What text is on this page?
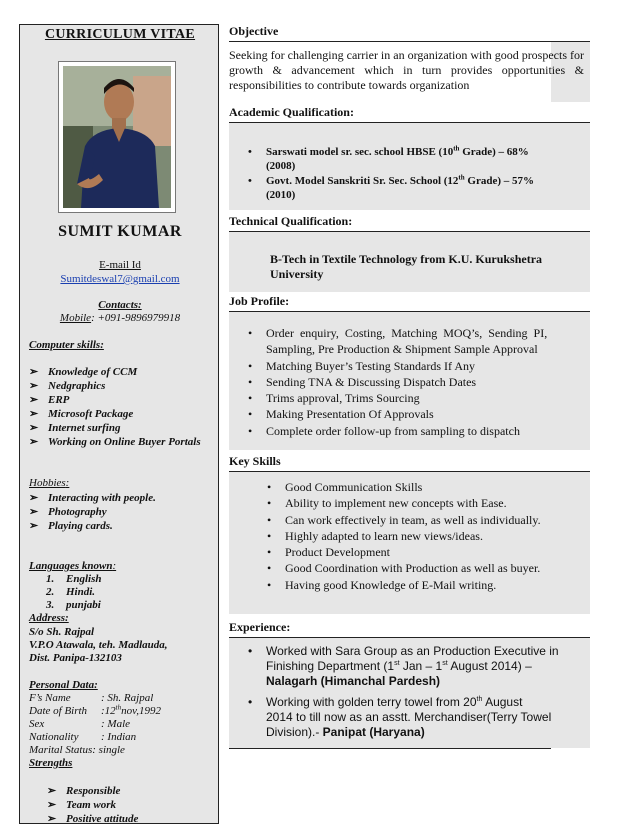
CURRICULUM VITAE
SUMIT KUMAR
E-mail Id
Sumitdeswal7@gmail.com
Contacts:
Mobile: +091-9896979918
Computer skills:
➢ Knowledge of CCM
➢ Nedgraphics
➢ ERP
➢ Microsoft Package
➢ Internet surfing
➢ Working on Online Buyer Portals
Hobbies:
➢ Interacting with people.
➢ Photography
➢ Playing cards.
Languages known:
1. English
2. Hindi.
3. punjabi
Address:
S/o Sh. Rajpal
V.P.O Atawala, teh. Madlauda,
Dist. Panipa-132103
Personal Data:
F’s Name	: Sh. Rajpal
Date of Birth :12thnov,1992
Sex	: Male
Nationality : Indian
Marital Status: single
Strengths
➢ Responsible
➢ Team work
➢ Positive attitude
Objective
Seeking for challenging carrier in an organization with good prospects for growth & advancement which in turn provides opportunities & responsibilities to contribute towards organization
Academic Qualification:
• Sarswati model sr. sec. school HBSE (10th Grade) – 68%
(2008)
• Govt. Model Sanskriti Sr. Sec. School (12th Grade) – 57%
(2010)
Technical Qualification:
B-Tech in Textile Technology from K.U. Kurukshetra
University
Job Profile:
• Order  enquiry,  Costing,  Matching  MOQ’s,  Sending  PI,
Sampling, Pre Production & Shipment Sample Approval
• Matching Buyer’s Testing Standards If Any
• Sending TNA & Discussing Dispatch Dates
• Trims approval, Trims Sourcing
• Making Presentation Of Approvals
• Complete order follow-up from sampling to dispatch
Key Skills
• Good Communication Skills
• Ability to implement new concepts with Ease.
• Can work effectively in team, as well as individually.
• Highly adapted to learn new views/ideas.
• Product Development
• Good Coordination with Production as well as buyer.
• Having good Knowledge of E-Mail writing.
Experience:
• Worked with Sara Group as an Production Executive in
Finishing Department (1st Jan – 1st August 2014) –
Nalagarh (Himanchal Pardesh)
• Working with golden terry towel from 20th August
2014 to till now as an asstt. Merchandiser(Terry Towel
Division).- Panipat (Haryana)
